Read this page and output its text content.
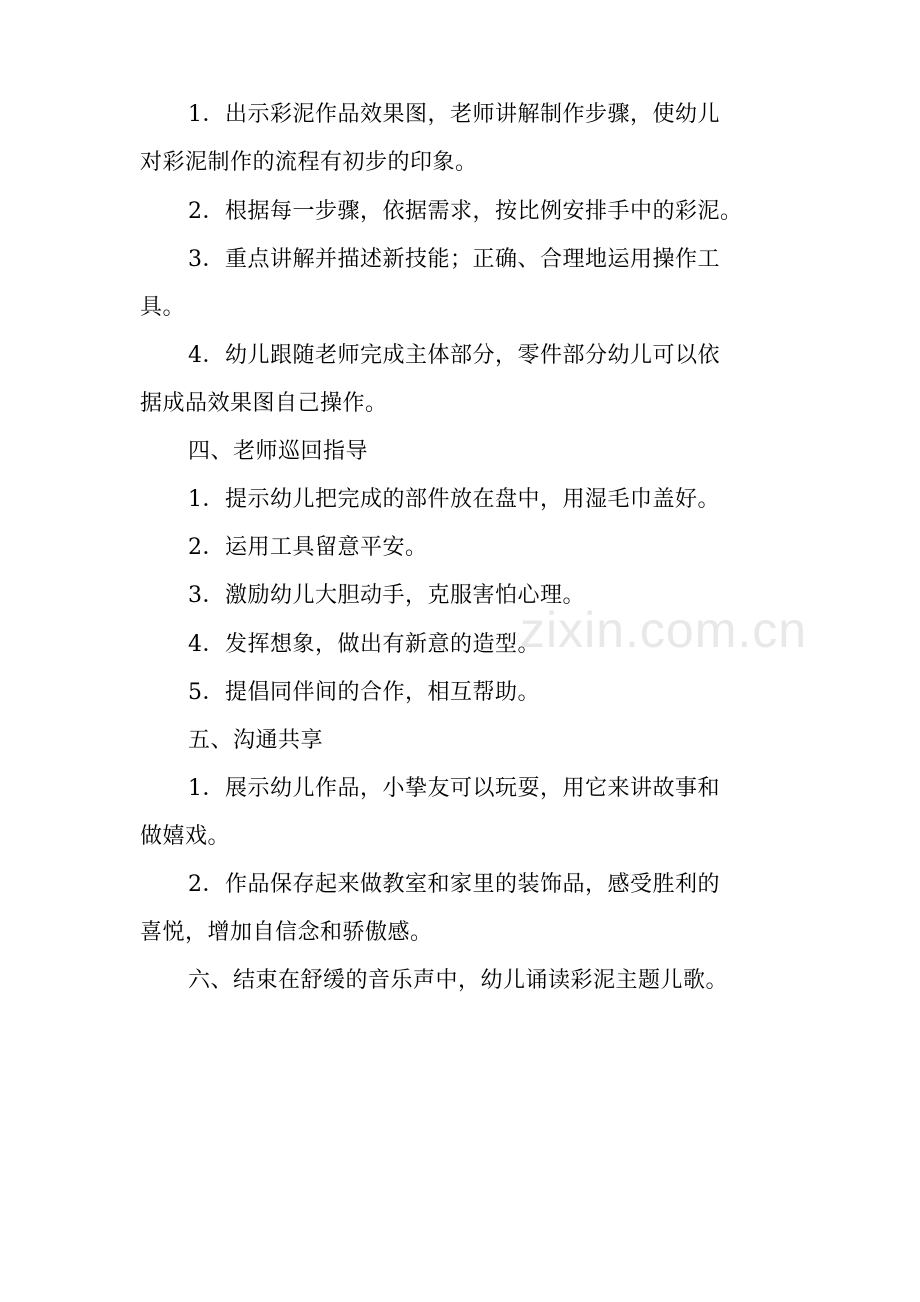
1．出示彩泥作品效果图，老师讲解制作步骤，使幼儿
对彩泥制作的流程有初步的印象。
2．根据每一步骤，依据需求，按比例安排手中的彩泥。
3．重点讲解并描述新技能；正确、合理地运用操作工
具。
4．幼儿跟随老师完成主体部分，零件部分幼儿可以依
据成品效果图自己操作。
四、老师巡回指导
1．提示幼儿把完成的部件放在盘中，用湿毛巾盖好。
2．运用工具留意平安。
3．激励幼儿大胆动手，克服害怕心理。
4．发挥想象，做出有新意的造型。
5．提倡同伴间的合作，相互帮助。
五、沟通共享
1．展示幼儿作品，小挚友可以玩耍，用它来讲故事和
做嬉戏。
2．作品保存起来做教室和家里的装饰品，感受胜利的
喜悦，增加自信念和骄傲感。
六、结束在舒缓的音乐声中，幼儿诵读彩泥主题儿歌。
zixin.com.cn
